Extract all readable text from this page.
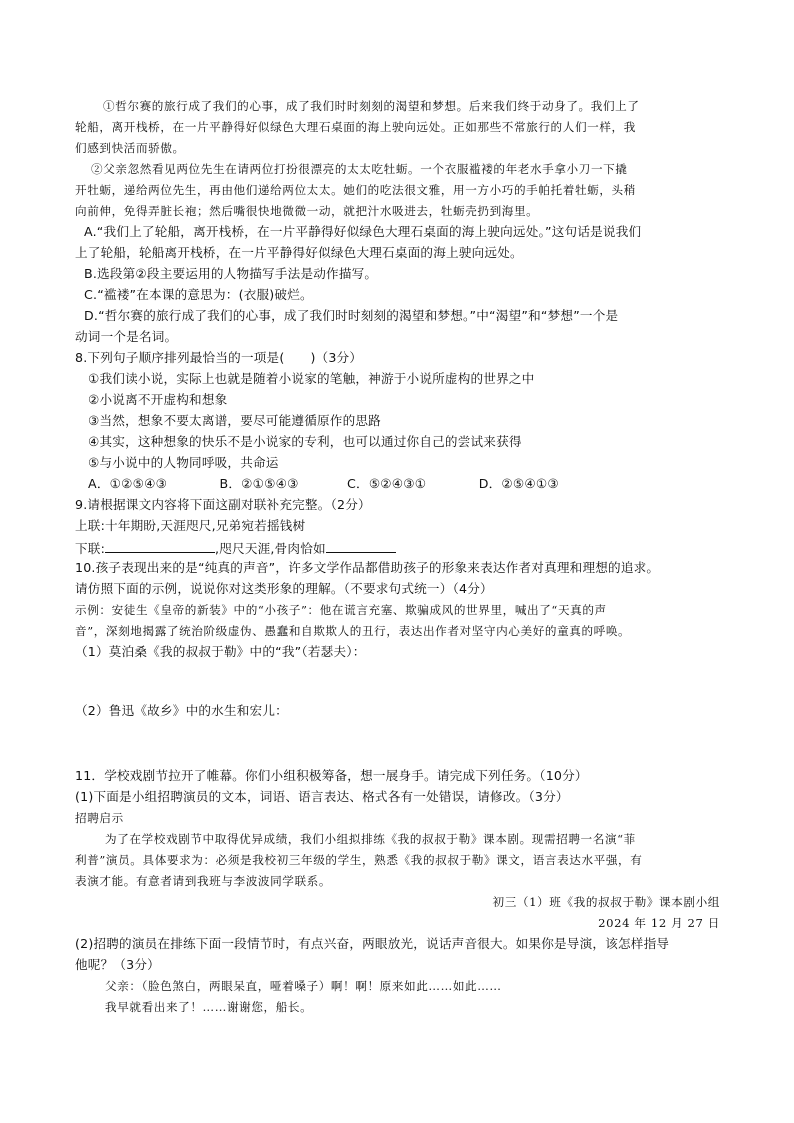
①哲尔赛的旅行成了我们的心事，成了我们时时刻刻的渴望和梦想。后来我们终于动身了。我们上了
轮船，离开栈桥，在一片平静得好似绿色大理石桌面的海上驶向远处。正如那些不常旅行的人们一样，我
们感到快活而骄傲。
②父亲忽然看见两位先生在请两位打扮很漂亮的太太吃牡蛎。一个衣服褴褛的年老水手拿小刀一下撬
开牡蛎，递给两位先生，再由他们递给两位太太。她们的吃法很文雅，用一方小巧的手帕托着牡蛎，头稍
向前伸，免得弄脏长袍；然后嘴很快地微微一动，就把汁水吸进去，牡蛎壳扔到海里。
A.“我们上了轮船，离开栈桥，在一片平静得好似绿色大理石桌面的海上驶向远处。”这句话是说我们
上了轮船，轮船离开栈桥，在一片平静得好似绿色大理石桌面的海上驶向远处。
B.选段第②段主要运用的人物描写手法是动作描写。
C.“褴褛”在本课的意思为：(衣服)破烂。
D.“哲尔赛的旅行成了我们的心事，成了我们时时刻刻的渴望和梦想。”中“渴望”和“梦想”一个是
动词一个是名词。
8.下列句子顺序排列最恰当的一项是( )（3分）
①我们读小说，实际上也就是随着小说家的笔触，神游于小说所虚构的世界之中
②小说离不开虚构和想象
③当然，想象不要太离谱，要尽可能遵循原作的思路
④其实，这种想象的快乐不是小说家的专利，也可以通过你自己的尝试来获得
⑤与小说中的人物同呼吸，共命运
A．①②⑤④③	B．②①⑤④③	C．⑤②④③①	D．②⑤④①③
9.请根据课文内容将下面这副对联补充完整。（2分）
上联:十年期盼,天涯咫尺,兄弟宛若摇钱树
下联:	,咫尺天涯,骨肉恰如
10.孩子表现出来的是“纯真的声音”，许多文学作品都借助孩子的形象来表达作者对真理和理想的追求。
请仿照下面的示例，说说你对这类形象的理解。（不要求句式统一）（4分）
示例：安徒生《皇帝的新装》中的“小孩子”：他在谎言充塞、欺骗成风的世界里，喊出了“天真的声
音”，深刻地揭露了统治阶级虚伪、愚蠢和自欺欺人的丑行，表达出作者对坚守内心美好的童真的呼唤。
（1）莫泊桑《我的叔叔于勒》中的“我”（若瑟夫）：
（2）鲁迅《故乡》中的水生和宏儿：
11．学校戏剧节拉开了帷幕。你们小组积极筹备，想一展身手。请完成下列任务。（10分）
(1)下面是小组招聘演员的文本，词语、语言表达、格式各有一处错误，请修改。（3分）
招聘启示
为了在学校戏剧节中取得优异成绩，我们小组拟排练《我的叔叔于勒》课本剧。现需招聘一名演“菲
利普”演员。具体要求为：必须是我校初三年级的学生，熟悉《我的叔叔于勒》课文，语言表达水平强，有
表演才能。有意者请到我班与李波波同学联系。
初三（1）班《我的叔叔于勒》课本剧小组
2024 年 12 月 27 日
(2)招聘的演员在排练下面一段情节时，有点兴奋，两眼放光，说话声音很大。如果你是导演，该怎样指导
他呢？（3分）
父亲：（脸色煞白，两眼呆直，哑着嗓子）啊！啊！原来如此……如此……
我早就看出来了！……谢谢您，船长。
